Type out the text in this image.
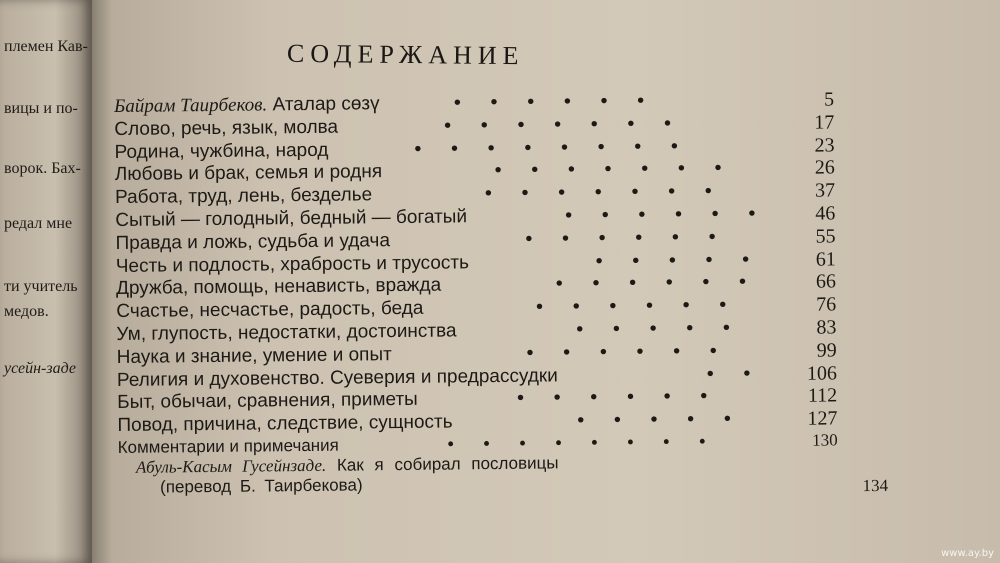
племен Кав-
вицы и по-
ворок. Бах-
редал мне
ти учитель
медов.
усейн-заде
СОДЕРЖАНИЕ
Байрам Таирбеков. Аталар сөзү	••••••	5
Слово, речь, язык, молва	•••••••	17
Родина, чужбина, народ	••••••••	23
Любовь и брак, семья и родня	•••••••	26
Работа, труд, лень, безделье	•••••••	37
Сытый — голодный, бедный — богатый	•••••• 46
Правда и ложь, судьба и удача	••••••	55
Честь и подлость, храбрость и трусость	••••• 61
Дружба, помощь, ненависть, вражда	•••••• 66
Счастье, несчастье, радость, беда	••••••	76
Ум, глупость, недостатки, достоинства	•••••	83
Наука и знание, умение и опыт	••••••	99
Религия и духовенство. Суеверия и предрассудки	•• 106
Быт, обычаи, сравнения, приметы	••••••	112
Повод, причина, следствие, сущность	••••• 127
Комментарии и примечания	••••••••	130
Абуль-Касым Гусейнзаде. Как я собирал пословицы
(перевод Б. Таирбекова)	134
www.ay.by
